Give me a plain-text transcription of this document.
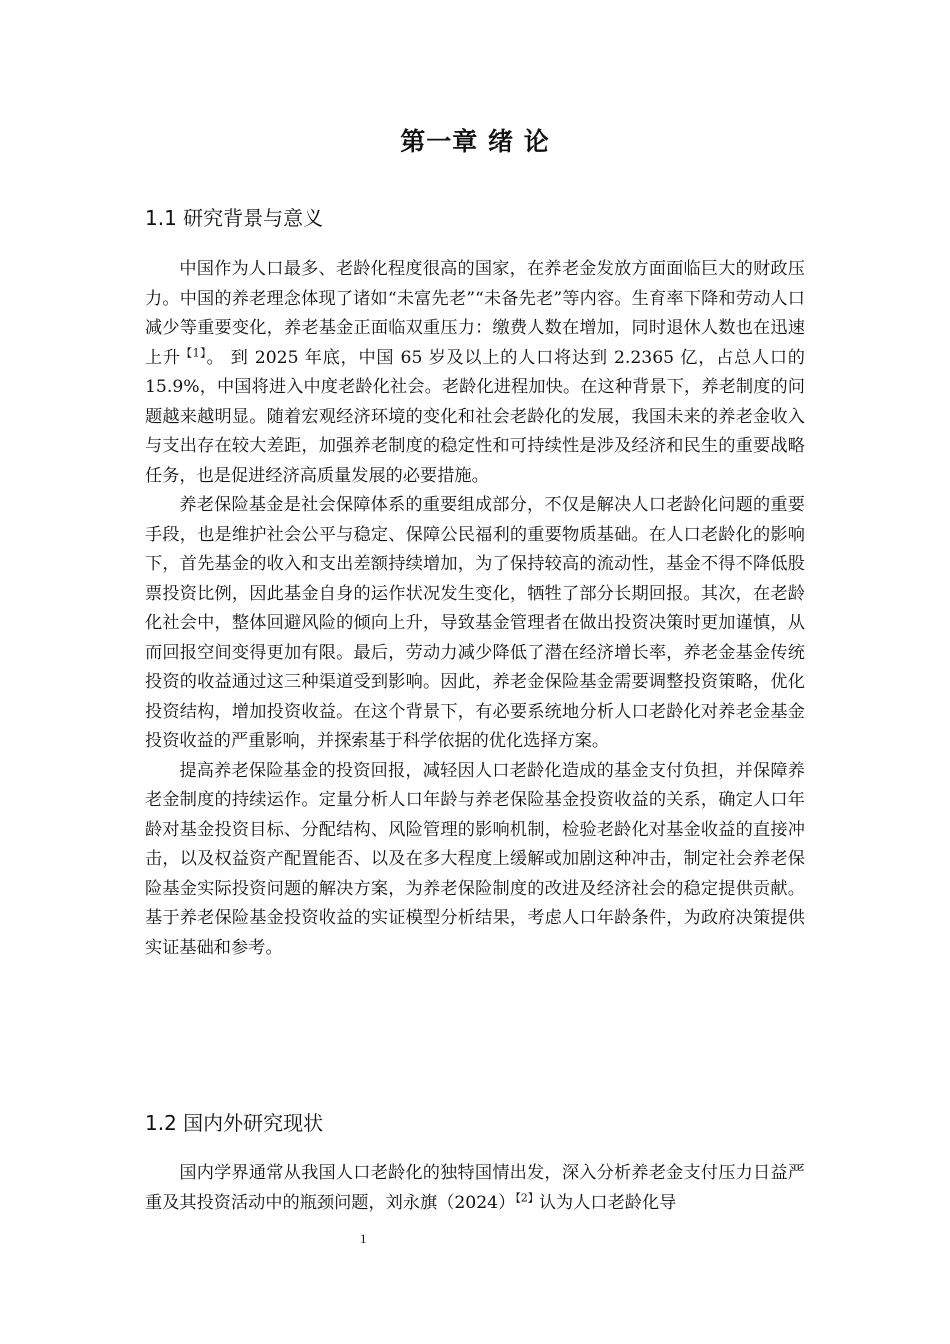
第一章 绪 论
1.1 研究背景与意义

中国作为人口最多、老龄化程度很高的国家，在养老金发放方面面临巨大的财政压力。中国的养老理念体现了诸如“未富先老”“未备先老”等内容。生育率下降和劳动人口减少等重要变化，养老基金正面临双重压力：缴费人数在增加，同时退休人数也在迅速上升$^{【1】}$。 到 2025 年底，中国 65 岁及以上的人口将达到 2.2365 亿，占总人口的 15.9%，中国将进入中度老龄化社会。老龄化进程加快。在这种背景下，养老制度的问题越来越明显。随着宏观经济环境的变化和社会老龄化的发展，我国未来的养老金收入与支出存在较大差距，加强养老制度的稳定性和可持续性是涉及经济和民生的重要战略任务，也是促进经济高质量发展的必要措施。

养老保险基金是社会保障体系的重要组成部分，不仅是解决人口老龄化问题的重要手段，也是维护社会公平与稳定、保障公民福利的重要物质基础。在人口老龄化的影响下，首先基金的收入和支出差额持续增加，为了保持较高的流动性，基金不得不降低股票投资比例，因此基金自身的运作状况发生变化，牺牲了部分长期回报。其次，在老龄化社会中，整体回避风险的倾向上升，导致基金管理者在做出投资决策时更加谨慎，从而回报空间变得更加有限。最后，劳动力减少降低了潜在经济增长率，养老金基金传统投资的收益通过这三种渠道受到影响。因此，养老金保险基金需要调整投资策略，优化投资结构，增加投资收益。在这个背景下，有必要系统地分析人口老龄化对养老金基金投资收益的严重影响，并探索基于科学依据的优化选择方案。

提高养老保险基金的投资回报，减轻因人口老龄化造成的基金支付负担，并保障养老金制度的持续运作。定量分析人口年龄与养老保险基金投资收益的关系，确定人口年龄对基金投资目标、分配结构、风险管理的影响机制，检验老龄化对基金收益的直接冲击，以及权益资产配置能否、以及在多大程度上缓解或加剧这种冲击，制定社会养老保险基金实际投资问题的解决方案，为养老保险制度的改进及经济社会的稳定提供贡献。基于养老保险基金投资收益的实证模型分析结果，考虑人口年龄条件，为政府决策提供实证基础和参考。

1.2 国内外研究现状

国内学界通常从我国人口老龄化的独特国情出发，深入分析养老金支付压力日益严重及其投资活动中的瓶颈问题，刘永旗（2024）$^{【2】}$认为人口老龄化导

1
